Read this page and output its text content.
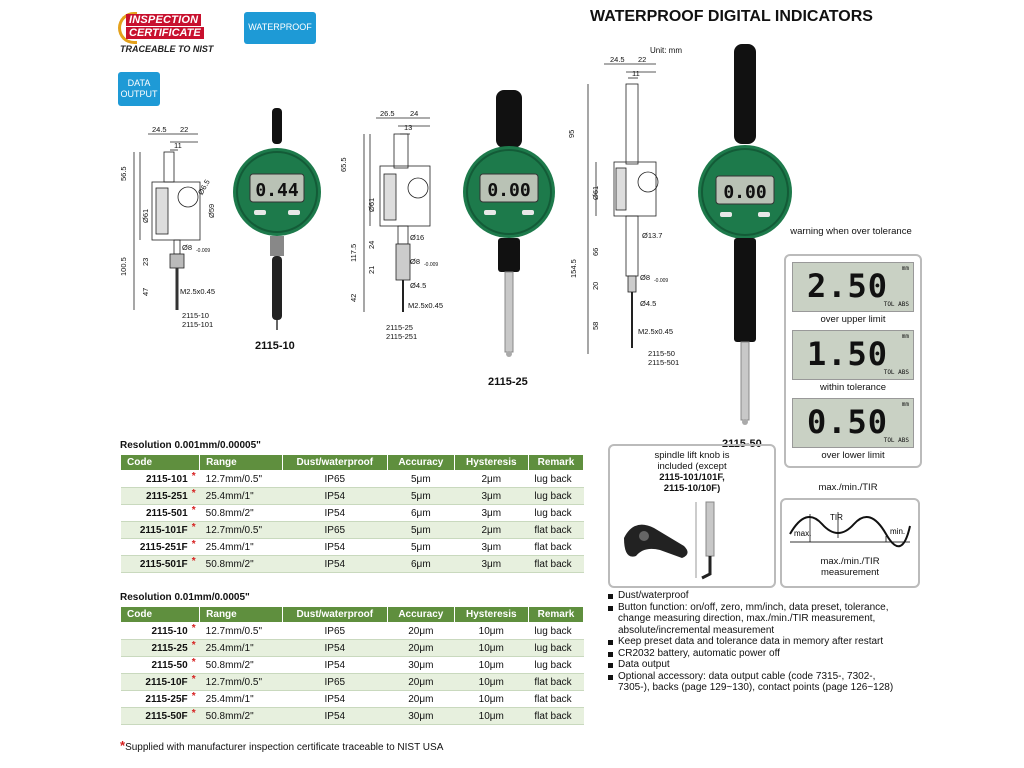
INSPECTION
CERTIFICATE
TRACEABLE TO NIST
WATERPROOF
DATA OUTPUT
WATERPROOF DIGITAL INDICATORS
Unit: mm
24.5 22
11
56.5
Ø61
100.5 23
47
Ø6.5
Ø59
Ø8 -0.009
M2.5x0.45
2115-10
2115-101
0.44
2115-10
26.5 24
13
65.5
Ø61
117.5 24
21
42
Ø16
Ø8 -0.009
Ø4.5
M2.5x0.45
2115-25
2115-251
0.00
2115-25
24.5 22
11
95
Ø61
66
154.5
20
58
Ø13.7
Ø8 -0.009
Ø4.5
M2.5x0.45
2115-50
2115-501
0.00
2115-50
warning when over tolerance
2.50 mm
TOL ABS
over upper limit
1.50 mm
TOL ABS
within tolerance
0.50 mm
TOL ABS
over lower limit
spindle lift knob is
included (except
2115-101/101F,
2115-10/10F)	max./min./TIR
max.
TIR
min.
max./min./TIR
measurement
Resolution 0.001mm/0.00005"
Code	Range	Dust/waterproof	Accuracy	Hysteresis	Remark
2115-101 *	12.7mm/0.5"	IP65	5μm	2μm	lug back
2115-251 *	25.4mm/1"	IP54	5μm	3μm	lug back
2115-501 *	50.8mm/2"	IP54	6μm	3μm	lug back
2115-101F *	12.7mm/0.5"	IP65	5μm	2μm	flat back
2115-251F *	25.4mm/1"	IP54	5μm	3μm	flat back
2115-501F *	50.8mm/2"	IP54	6μm	3μm	flat back
Resolution 0.01mm/0.0005"
Code	Range	Dust/waterproof	Accuracy	Hysteresis	Remark
2115-10 *	12.7mm/0.5"	IP65	20μm	10μm	lug back
2115-25 *	25.4mm/1"	IP54	20μm	10μm	lug back
2115-50 *	50.8mm/2"	IP54	30μm	10μm	lug back
2115-10F *	12.7mm/0.5"	IP65	20μm	10μm	flat back
2115-25F *	25.4mm/1"	IP54	20μm	10μm	flat back
2115-50F *	50.8mm/2"	IP54	30μm	10μm	flat back
*Supplied with manufacturer inspection certificate traceable to NIST USA
Dust/waterproof
Button function: on/off, zero, mm/inch, data preset, tolerance, change measuring direction, max./min./TIR measurement, absolute/incremental measurement
Keep preset data and tolerance data in memory after restart
CR2032 battery, automatic power off
Data output
Optional accessory: data output cable (code 7315-, 7302-, 7305-), backs (page 129~130), contact points (page 126~128)
